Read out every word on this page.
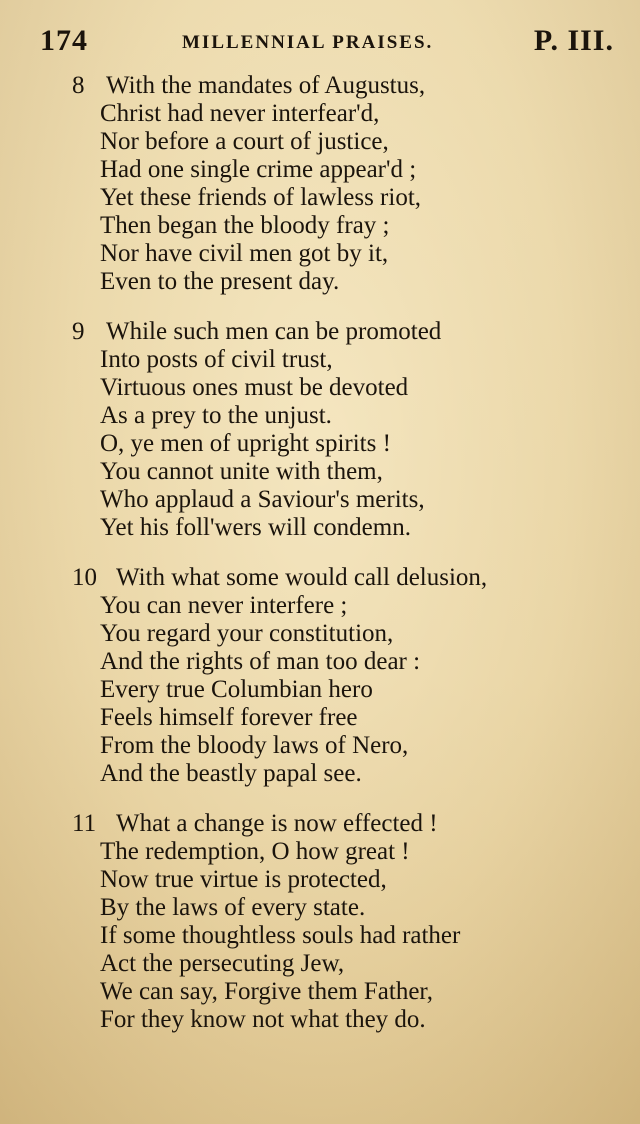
174	MILLENNIAL PRAISES.	P. III.
8 With the mandates of Augustus,
Christ had never interfear'd,
Nor before a court of justice,
Had one single crime appear'd ;
Yet these friends of lawless riot,
Then began the bloody fray ;
Nor have civil men got by it,
Even to the present day.
9 While such men can be promoted
Into posts of civil trust,
Virtuous ones must be devoted
As a prey to the unjust.
O, ye men of upright spirits !
You cannot unite with them,
Who applaud a Saviour's merits,
Yet his foll'wers will condemn.
10 With what some would call delusion,
You can never interfere ;
You regard your constitution,
And the rights of man too dear :
Every true Columbian hero
Feels himself forever free
From the bloody laws of Nero,
And the beastly papal see.
11 What a change is now effected !
The redemption, O how great !
Now true virtue is protected,
By the laws of every state.
If some thoughtless souls had rather
Act the persecuting Jew,
We can say, Forgive them Father,
For they know not what they do.
